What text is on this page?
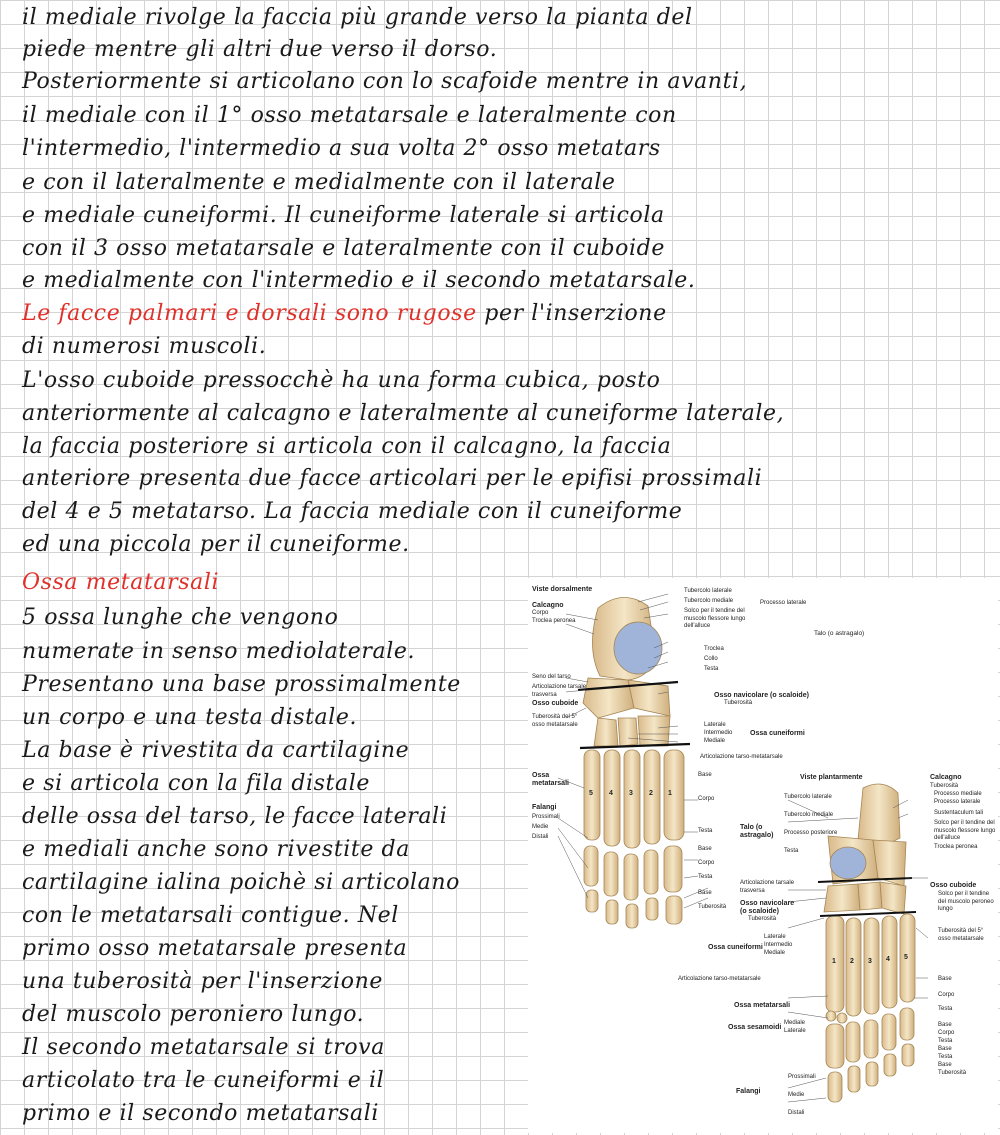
il mediale rivolge la faccia più grande verso la pianta del
piede mentre gli altri due verso il dorso.
Posteriormente si articolano con lo scafoide mentre in avanti,
il mediale con il 1° osso metatarsale e lateralmente con
l'intermedio, l'intermedio a sua volta 2° osso metatars
e con il lateralmente e medialmente con il laterale
e mediale cuneiformi. Il cuneiforme laterale si articola
con il 3 osso metatarsale e lateralmente con il cuboide
e medialmente con l'intermedio e il secondo metatarsale.
Le facce palmari e dorsali sono rugose per l'inserzione
di numerosi muscoli.
L'osso cuboide pressocchè ha una forma cubica, posto
anteriormente al calcagno e lateralmente al cuneiforme laterale,
la faccia posteriore si articola con il calcagno, la faccia
anteriore presenta due facce articolari per le epifisi prossimali
del 4 e 5 metatarso. La faccia mediale con il cuneiforme
ed una piccola per il cuneiforme.
Ossa metatarsali
5 ossa lunghe che vengono
numerate in senso mediolaterale.
Presentano una base prossimalmente
un corpo e una testa distale.
La base è rivestita da cartilagine
e si articola con la fila distale
delle ossa del tarso, le facce laterali
e mediali anche sono rivestite da
cartilagine ialina poichè si articolano
con le metatarsali contigue. Nel
primo osso metatarsale presenta
una tuberosità per l'inserzione
del muscolo peroniero lungo.
Il secondo metatarsale si trova
articolato tra le cuneiformi e il
primo e il secondo metatarsali
Viste dorsalmente
Calcagno
Corpo
Troclea peronea
Tubercolo laterale
Tubercolo mediale
Solco per il tendine del muscolo flessore lungo dell'alluce
Processo laterale
Talo (o astragalo)
Troclea
Collo
Testa
Seno del tarso
Articolazione tarsale trasversa
Osso cuboide
Osso navicolare (o scaloide)
Tuberosità
Tuberosità del 5° osso metatarsale	Laterale
Intermedio
Mediale
Ossa cuneiformi
Articolazione tarso-metatarsale
Base
Ossa metatarsali
Corpo
Falangi
Prossimali
Medie
Distali
Testa
Base
Corpo
Testa
Base
Tuberosità
Viste plantarmente	Calcagno
Tuberosità
Processo mediale
Processo laterale
Tubercolo laterale
Tubercolo mediale
Processo posteriore
Testa
Talo (o astragalo)
Sustentaculum tali
Solco per il tendine del muscolo flessore lungo dell'alluce
Troclea peronea
Articolazione tarsale trasversa
Osso navicolare (o scaloide)
Tuberosità
Osso cuboide
Solco per il tendine del muscolo peroneo lungo
Ossa cuneiformi
Laterale
Intermedio
Mediale
Tuberosità del 5° osso metatarsale
Articolazione tarso-metatarsale	Base
Corpo
Testa
Ossa metatarsali
Ossa sesamoidi
Mediale
Laterale
Base
Corpo
Testa
Base
Testa
Base
Tuberosità
Falangi
Prossimali
Medie
Distali
1
2
3
4
5
1 2 3 4 5
